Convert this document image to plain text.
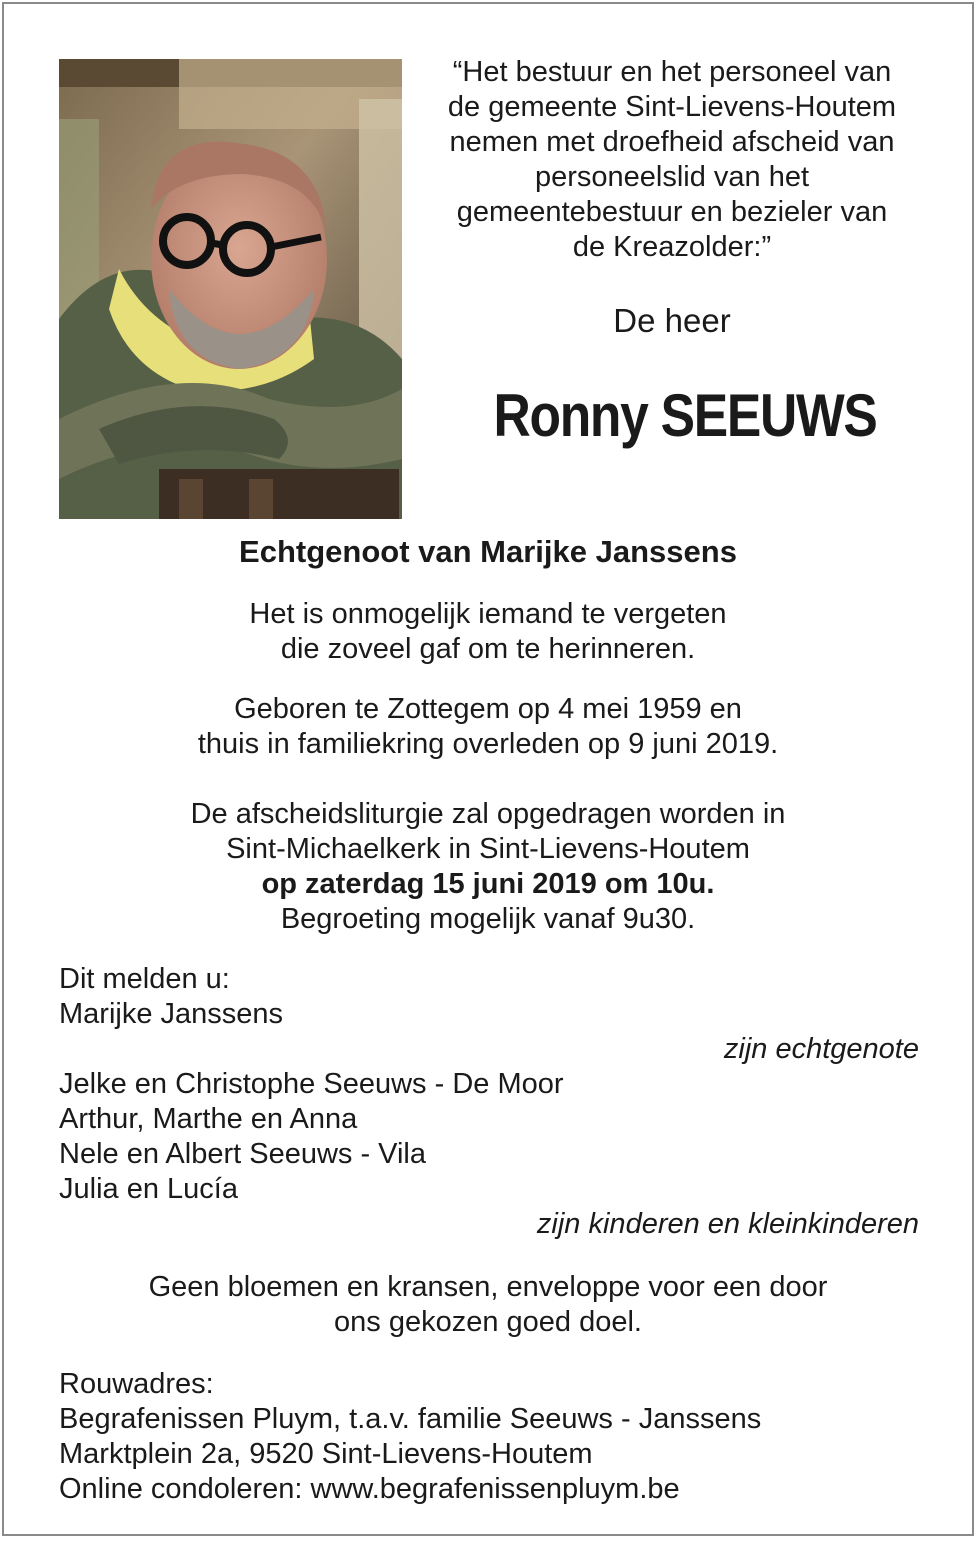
“Het bestuur en het personeel van
de gemeente Sint-Lievens-Houtem
nemen met droefheid afscheid van
personeelslid van het
gemeentebestuur en bezieler van
de Kreazolder:”
De heer
Ronny SEEUWS
Echtgenoot van Marijke Janssens
Het is onmogelijk iemand te vergeten
die zoveel gaf om te herinneren.
Geboren te Zottegem op 4 mei 1959 en
thuis in familiekring overleden op 9 juni 2019.
De afscheidsliturgie zal opgedragen worden in
Sint-Michaelkerk in Sint-Lievens-Houtem
op zaterdag 15 juni 2019 om 10u.
Begroeting mogelijk vanaf 9u30.
Dit melden u:
Marijke Janssens
zijn echtgenote
Jelke en Christophe Seeuws - De Moor
Arthur, Marthe en Anna
Nele en Albert Seeuws - Vila
Julia en Lucía
zijn kinderen en kleinkinderen
Geen bloemen en kransen, enveloppe voor een door
ons gekozen goed doel.
Rouwadres:
Begrafenissen Pluym, t.a.v. familie Seeuws - Janssens
Marktplein 2a, 9520 Sint-Lievens-Houtem
Online condoleren: www.begrafenissenpluym.be
